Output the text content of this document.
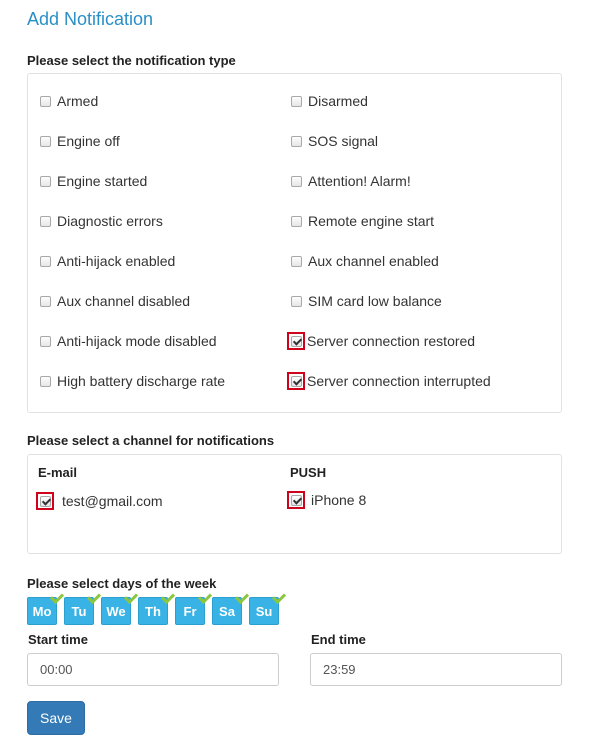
Add Notification
Please select the notification type
Armed
Engine off
Engine started
Diagnostic errors
Anti-hijack enabled
Aux channel disabled
Anti-hijack mode disabled
High battery discharge rate
Disarmed
SOS signal
Attention! Alarm!
Remote engine start
Aux channel enabled
SIM card low balance
Server connection restored
Server connection interrupted
Please select a channel for notifications
E-mail	PUSH
test@gmail.com	iPhone 8
Please select days of the week
Mo Tu We Th Fr Sa Su
Start time	End time
00:00	23:59
Save
